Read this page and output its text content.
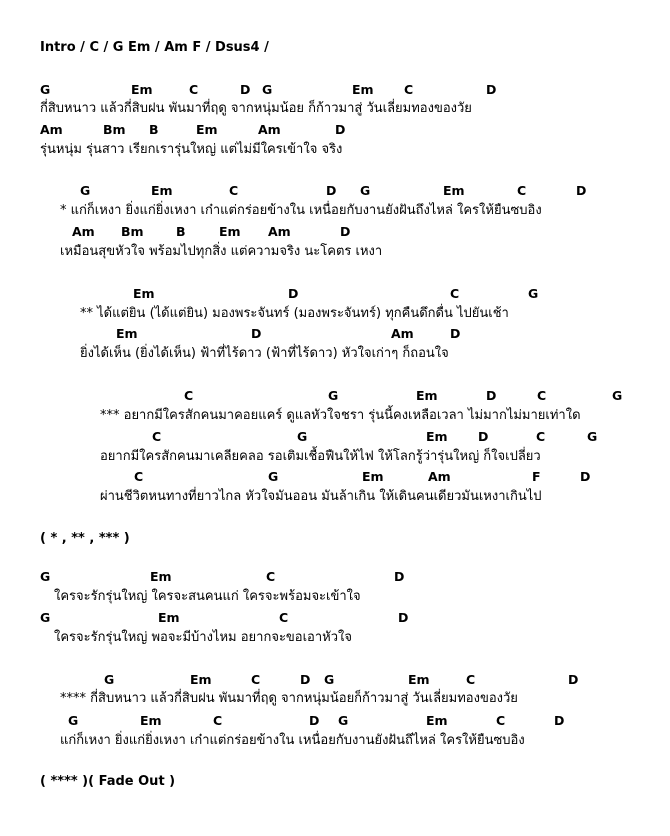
Intro / C / G Em / Am F / Dsus4 /
G	Em	C	D G	Em C	D
กี่สิบหนาว แล้วกี่สิบฝน พันมาที่ฤดู จากหนุ่มน้อย ก็ก้าวมาสู่ วันเลี่ยมทองของวัย
Am	Bm B	Em	Am	D
รุ่นหนุ่ม รุ่นสาว เรียกเรารุ่นใหญ่ แต่ไม่มีใครเข้าใจ จริง
G	Em	C	D G	Em	C	D
* แก่ก็เหงา ยิ่งแก่ยิ่งเหงา เก๋าแต่กร่อยข้างใน เหนื่อยกับงานยังฝันถึงไหล่ ใครให้ยืนซบอิง
Am Bm	B	Em Am	D
เหมือนสุขหัวใจ พร้อมไปทุกสิ่ง แต่ความจริง นะโคตร เหงา
Em	D	C	G
** ได้แต่ยิน (ได้แต่ยิน) มองพระจันทร์ (มองพระจันทร์) ทุกคืนดึกดื่น ไปยันเช้า
Em	D	Am	D
ยิ่งได้เห็น (ยิ่งได้เห็น) ฟ้าที่ไร้ดาว (ฟ้าที่ไร้ดาว) หัวใจเก่าๆ ก็ถอนใจ
C	G	Em	D	C	G
*** อยากมีใครสักคนมาคอยแคร์ ดูแลหัวใจชรา รุ่นนี้คงเหลือเวลา ไม่มากไม่มายเท่าใด
C	G	Em D	C	G
อยากมีใครสักคนมาเคลียคลอ รอเติมเชื้อฟืนให้ไฟ ให้โลกรู้ว่ารุ่นใหญ่ ก็ใจเปลี่ยว
C	G	Em	Am	F	D
ผ่านชีวิตหนทางที่ยาวไกล หัวใจมันออน มันล้าเกิน ให้เดินคนเดียวมันเหงาเกินไป
( * , ** , *** )
G	Em	C	D
ใครจะรักรุ่นใหญ่ ใครจะสนคนแก่ ใครจะพร้อมจะเข้าใจ
G	Em	C	D
ใครจะรักรุ่นใหญ่ พอจะมีบ้างไหม อยากจะขอเอาหัวใจ
G	Em	C	D G	Em	C	D
**** กี่สิบหนาว แล้วกี่สิบฝน พันมาที่ฤดู จากหนุ่มน้อยก็ก้าวมาสู่ วันเลี่ยมทองของวัย
G	Em	C	D G	Em	C	D
แก่ก็เหงา ยิ่งแก่ยิ่งเหงา เก๋าแต่กร่อยข้างใน เหนื่อยกับงานยังฝันถึไหล่ ใครให้ยืนซบอิง
( **** )( Fade Out )
